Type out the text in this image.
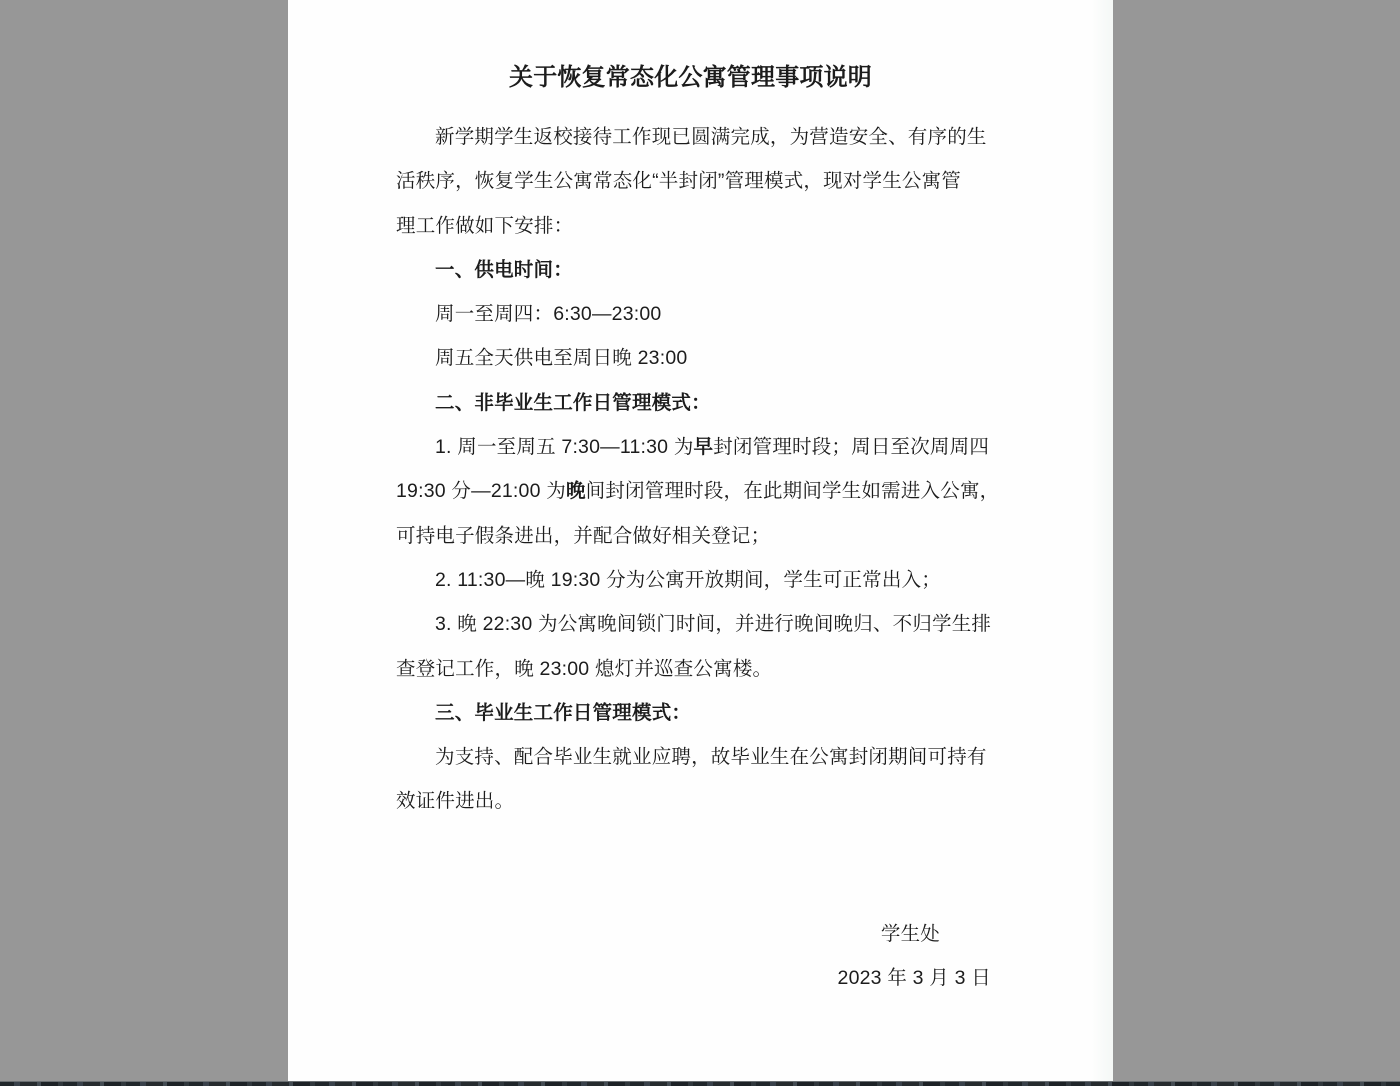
关于恢复常态化公寓管理事项说明
新学期学生返校接待工作现已圆满完成，为营造安全、有序的生
活秩序，恢复学生公寓常态化“半封闭”管理模式，现对学生公寓管
理工作做如下安排：
一、供电时间：
周一至周四：6:30—23:00
周五全天供电至周日晚 23:00
二、非毕业生工作日管理模式：
1. 周一至周五 7:30—11:30 为早封闭管理时段；周日至次周周四
19:30 分—21:00 为晚间封闭管理时段，在此期间学生如需进入公寓，
可持电子假条进出，并配合做好相关登记；
2. 11:30—晚 19:30 分为公寓开放期间，学生可正常出入；
3. 晚 22:30 为公寓晚间锁门时间，并进行晚间晚归、不归学生排
查登记工作，晚 23:00 熄灯并巡查公寓楼。
三、毕业生工作日管理模式：
为支持、配合毕业生就业应聘，故毕业生在公寓封闭期间可持有
效证件进出。
学生处
2023 年 3 月 3 日
